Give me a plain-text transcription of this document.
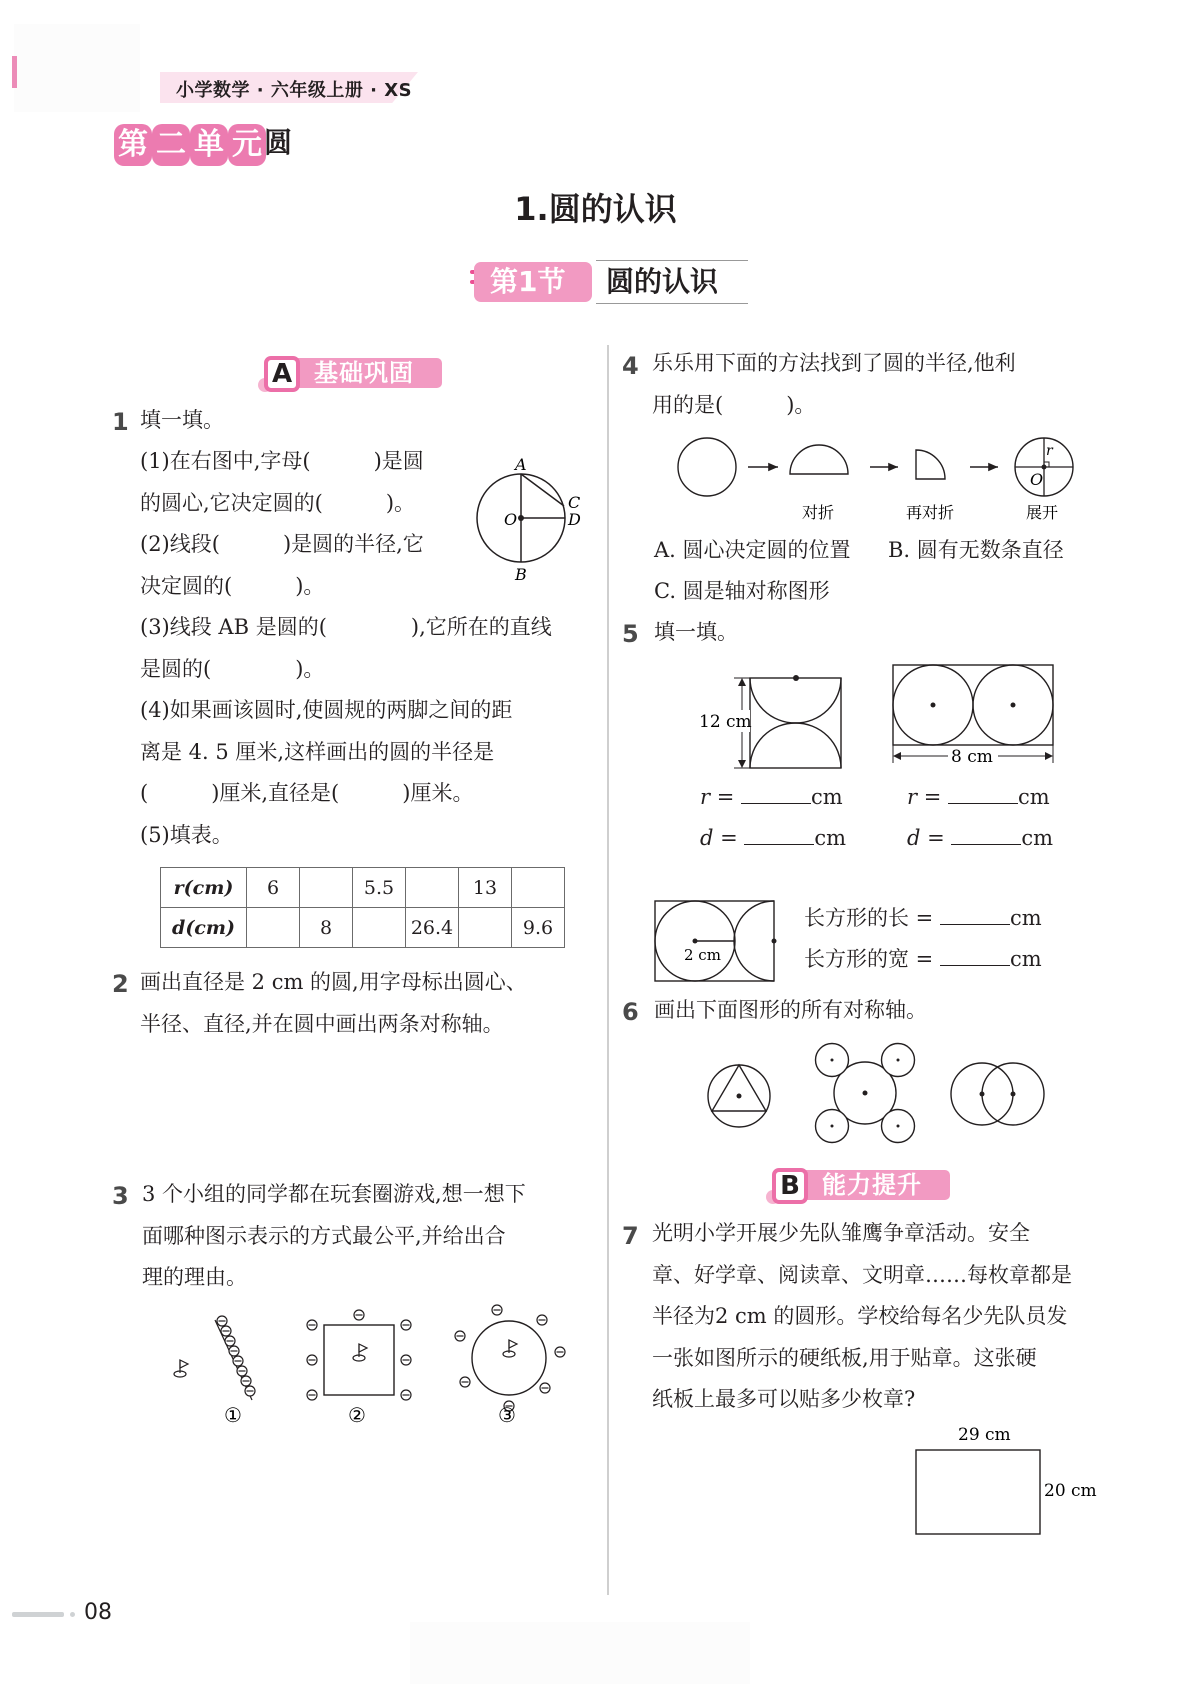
小学数学 · 六年级上册 · XS
第 二 单 元 圆
1.圆的认识
第1节	圆的认识
A 基础巩固
1 填一填。
(1)在右图中,字母(　　　)是圆
的圆心,它决定圆的(　　　)。
(2)线段(　　　)是圆的半径,它
决定圆的(　　　)。
(3)线段 AB 是圆的(　　　　),它所在的直线
是圆的(　　　　)。
(4)如果画该圆时,使圆规的两脚之间的距
离是 4. 5 厘米,这样画出的圆的半径是
(　　　)厘米,直径是(　　　)厘米。
(5)填表。
A
C
D
O
B
r(cm)	6		5.5		13	
d(cm)		8		26.4		9.6
2 画出直径是 2 cm 的圆,用字母标出圆心、
半径、直径,并在圆中画出两条对称轴。
3 3 个小组的同学都在玩套圈游戏,想一想下
面哪种图示表示的方式最公平,并给出合
理的理由。
①	②	③
4 乐乐用下面的方法找到了圆的半径,他利
用的是(　　　)。
r
O
对折	再对折	展开
A. 圆心决定圆的位置 B. 圆有无数条直径
C. 圆是轴对称图形
5 填一填。
12 cm
8 cm
r =	cm
d =	cm
r =	cm
d =	cm
2 cm
长方形的长 =	cm
长方形的宽 =	cm
6 画出下面图形的所有对称轴。
B 能力提升
7 光明小学开展少先队雏鹰争章活动。安全
章、好学章、阅读章、文明章……每枚章都是
半径为2 cm 的圆形。学校给每名少先队员发
一张如图所示的硬纸板,用于贴章。这张硬
纸板上最多可以贴多少枚章?
29 cm
20 cm
08
